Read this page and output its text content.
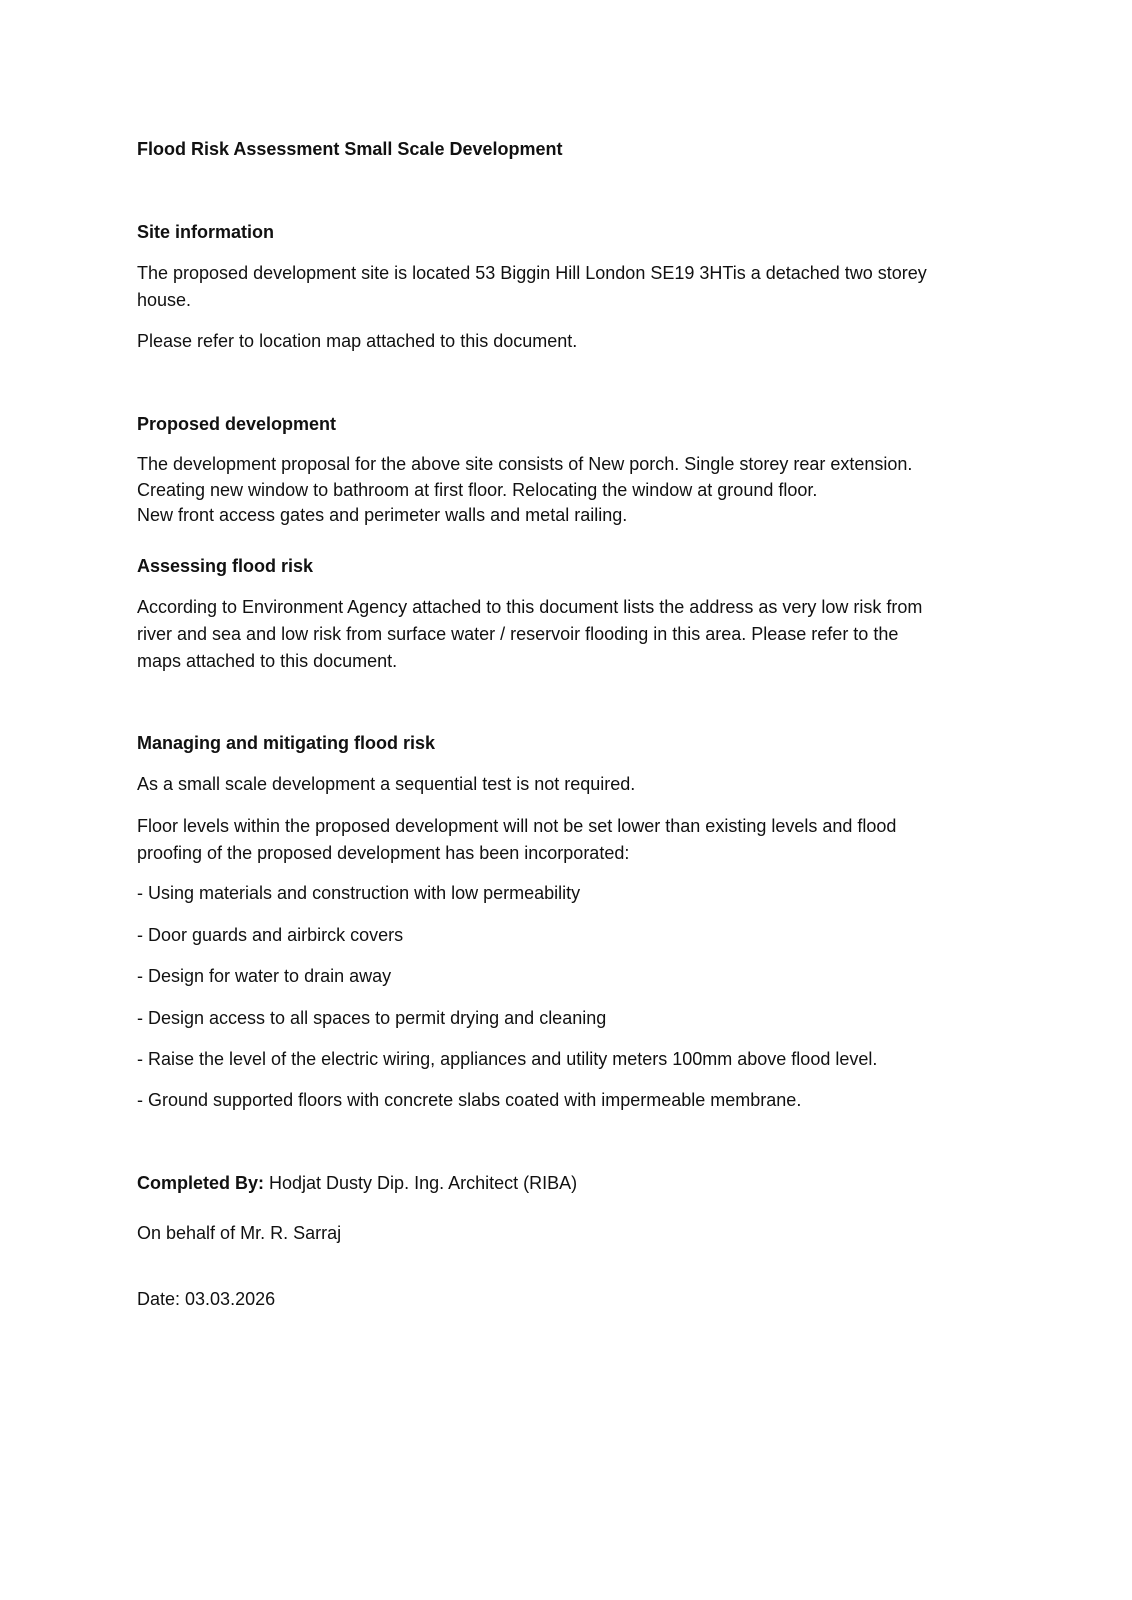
Flood Risk Assessment Small Scale Development

Site information

The proposed development site is located 53 Biggin Hill London SE19 3HTis a detached two storey
house.

Please refer to location map attached to this document.

Proposed development

The development proposal for the above site consists of New porch. Single storey rear extension.
Creating new window to bathroom at first floor. Relocating the window at ground floor.
New front access gates and perimeter walls and metal railing.

Assessing flood risk

According to Environment Agency attached to this document lists the address as very low risk from
river and sea and low risk from surface water / reservoir flooding in this area. Please refer to the
maps attached to this document.

Managing and mitigating flood risk

As a small scale development a sequential test is not required.

Floor levels within the proposed development will not be set lower than existing levels and flood
proofing of the proposed development has been incorporated:

- Using materials and construction with low permeability

- Door guards and airbirck covers

- Design for water to drain away

- Design access to all spaces to permit drying and cleaning

- Raise the level of the electric wiring, appliances and utility meters 100mm above flood level.

- Ground supported floors with concrete slabs coated with impermeable membrane.

Completed By: Hodjat Dusty Dip. Ing. Architect (RIBA)

On behalf of Mr. R. Sarraj

Date: 03.03.2026
